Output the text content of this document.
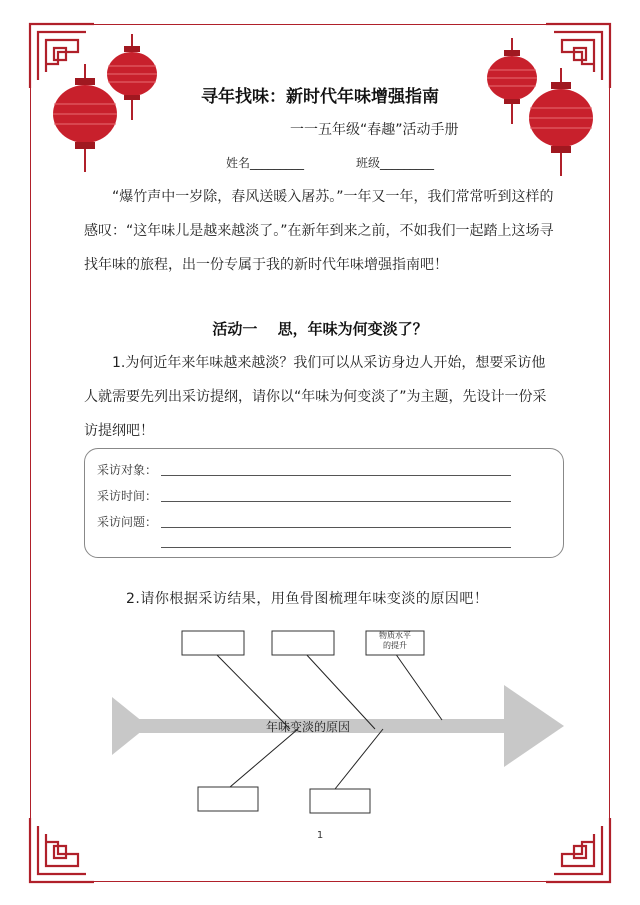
寻年找味：新时代年味增强指南
一一五年级“春趣”活动手册
姓名_________	班级_________
“爆竹声中一岁除，春风送暖入屠苏。”一年又一年，我们常常听到这样的感叹：“这年味儿是越来越淡了。”在新年到来之前，不如我们一起踏上这场寻找年味的旅程，出一份专属于我的新时代年味增强指南吧！
活动一　 思，年味为何变淡了？
1.为何近年来年味越来越淡？我们可以从采访身边人开始，想要采访他人就需要先列出采访提纲，请你以“年味为何变淡了”为主题，先设计一份采访提纲吧！
采访对象：
采访时间：
采访问题：
2.请你根据采访结果，用鱼骨图梳理年味变淡的原因吧！
物质水平
的提升
年味变淡的原因
1
